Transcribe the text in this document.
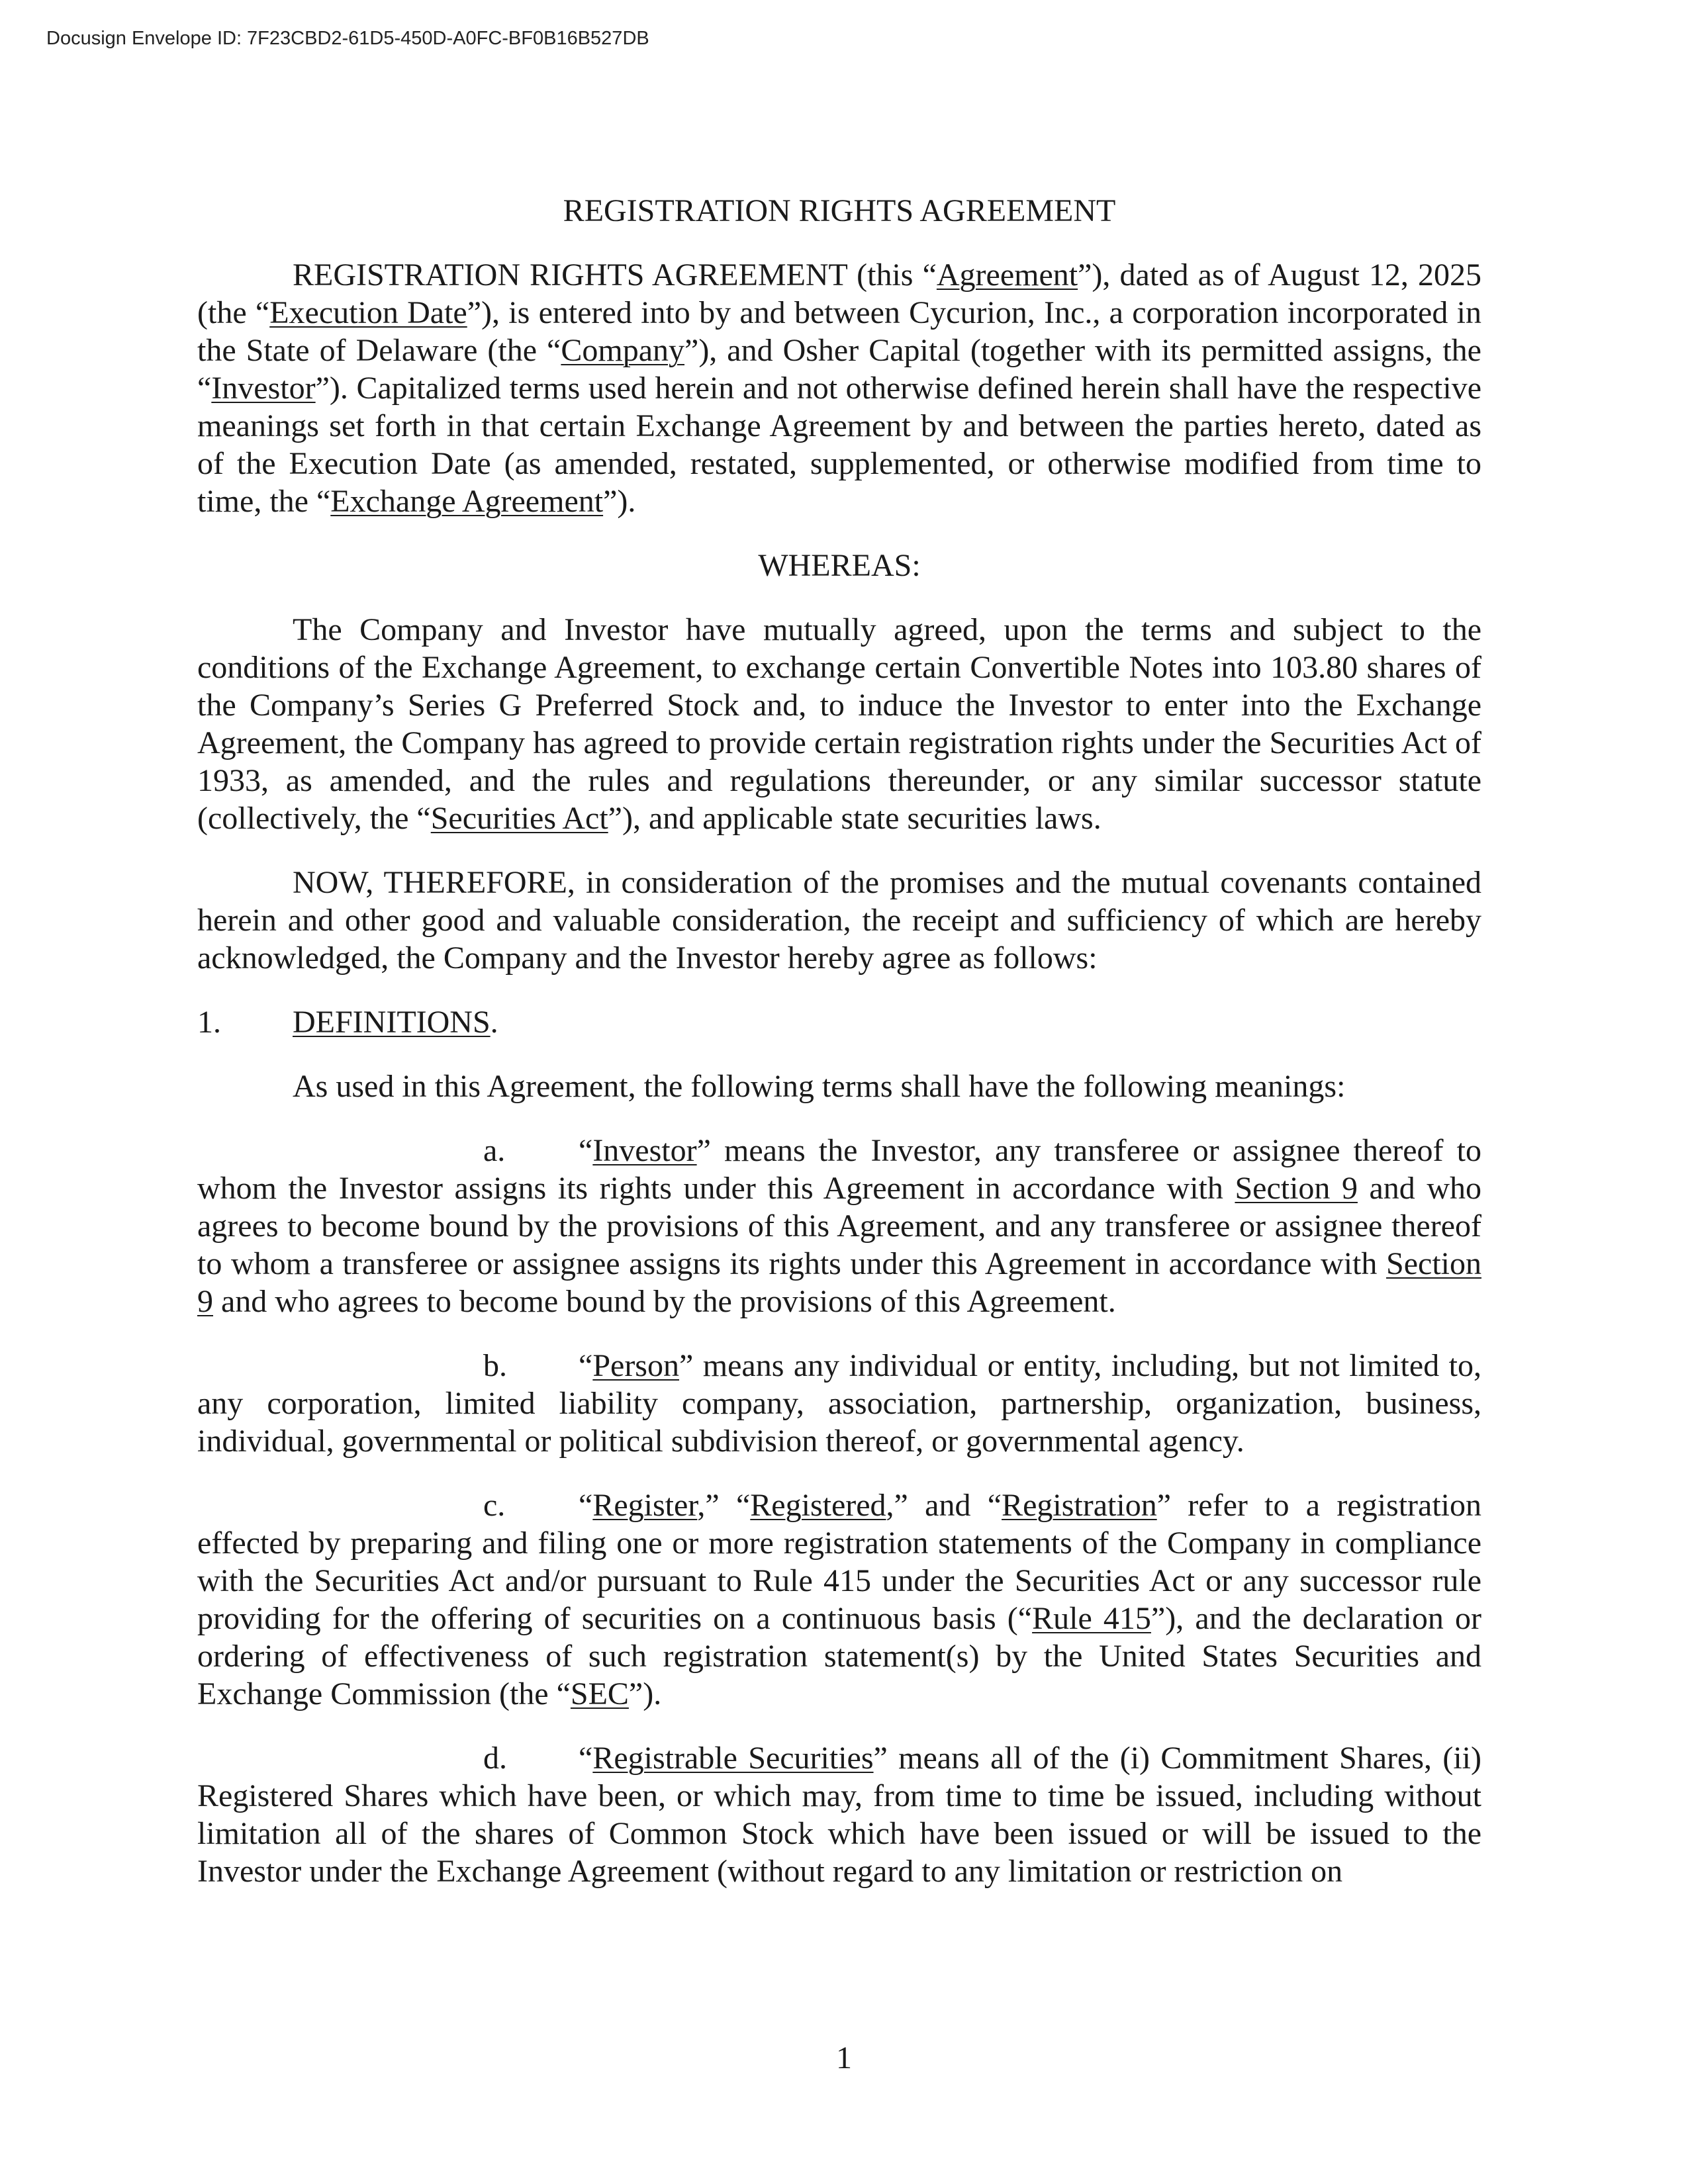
Docusign Envelope ID: 7F23CBD2-61D5-450D-A0FC-BF0B16B527DB
REGISTRATION RIGHTS AGREEMENT

REGISTRATION RIGHTS AGREEMENT (this “Agreement”), dated as of August 12, 2025 (the “Execution Date”), is entered into by and between Cycurion, Inc., a corporation incorporated in the State of Delaware (the “Company”), and Osher Capital (together with its permitted assigns, the “Investor”). Capitalized terms used herein and not otherwise defined herein shall have the respective meanings set forth in that certain Exchange Agreement by and between the parties hereto, dated as of the Execution Date (as amended, restated, supplemented, or otherwise modified from time to time, the “Exchange Agreement”).

WHEREAS:

The Company and Investor have mutually agreed, upon the terms and subject to the conditions of the Exchange Agreement, to exchange certain Convertible Notes into 103.80 shares of the Company’s Series G Preferred Stock and, to induce the Investor to enter into the Exchange Agreement, the Company has agreed to provide certain registration rights under the Securities Act of 1933, as amended, and the rules and regulations thereunder, or any similar successor statute (collectively, the “Securities Act”), and applicable state securities laws.

NOW, THEREFORE, in consideration of the promises and the mutual covenants contained herein and other good and valuable consideration, the receipt and sufficiency of which are hereby acknowledged, the Company and the Investor hereby agree as follows:

1. DEFINITIONS.

As used in this Agreement, the following terms shall have the following meanings:

a. “Investor” means the Investor, any transferee or assignee thereof to whom the Investor assigns its rights under this Agreement in accordance with Section 9 and who agrees to become bound by the provisions of this Agreement, and any transferee or assignee thereof to whom a transferee or assignee assigns its rights under this Agreement in accordance with Section 9 and who agrees to become bound by the provisions of this Agreement.

b. “Person” means any individual or entity, including, but not limited to, any corporation, limited liability company, association, partnership, organization, business, individual, governmental or political subdivision thereof, or governmental agency.

c. “Register,” “Registered,” and “Registration” refer to a registration effected by preparing and filing one or more registration statements of the Company in compliance with the Securities Act and/or pursuant to Rule 415 under the Securities Act or any successor rule providing for the offering of securities on a continuous basis (“Rule 415”), and the declaration or ordering of effectiveness of such registration statement(s) by the United States Securities and Exchange Commission (the “SEC”).

d. “Registrable Securities” means all of the (i) Commitment Shares, (ii) Registered Shares which have been, or which may, from time to time be issued, including without limitation all of the shares of Common Stock which have been issued or will be issued to the Investor under the Exchange Agreement (without regard to any limitation or restriction on

1
